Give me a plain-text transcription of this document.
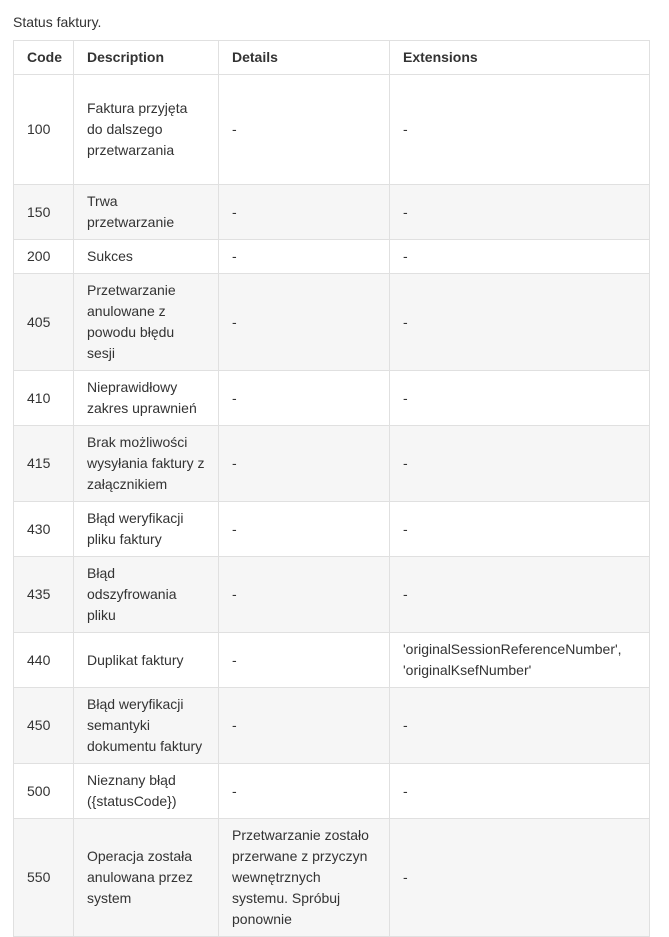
Status faktury.

Code	Description	Details	Extensions
100	Faktura przyjęta do dalszego przetwarzania	-	-
150	Trwa przetwarzanie	-	-
200	Sukces	-	-
405	Przetwarzanie anulowane z powodu błędu sesji	-	-
410	Nieprawidłowy zakres uprawnień	-	-
415	Brak możliwości wysyłania faktury z załącznikiem	-	-
430	Błąd weryfikacji pliku faktury	-	-
435	Błąd odszyfrowania pliku	-	-
440	Duplikat faktury	-	'originalSessionReferenceNumber', 'originalKsefNumber'
450	Błąd weryfikacji semantyki dokumentu faktury	-	-
500	Nieznany błąd ({statusCode})	-	-
550	Operacja została anulowana przez system	Przetwarzanie zostało przerwane z przyczyn wewnętrznych systemu. Spróbuj ponownie	-
